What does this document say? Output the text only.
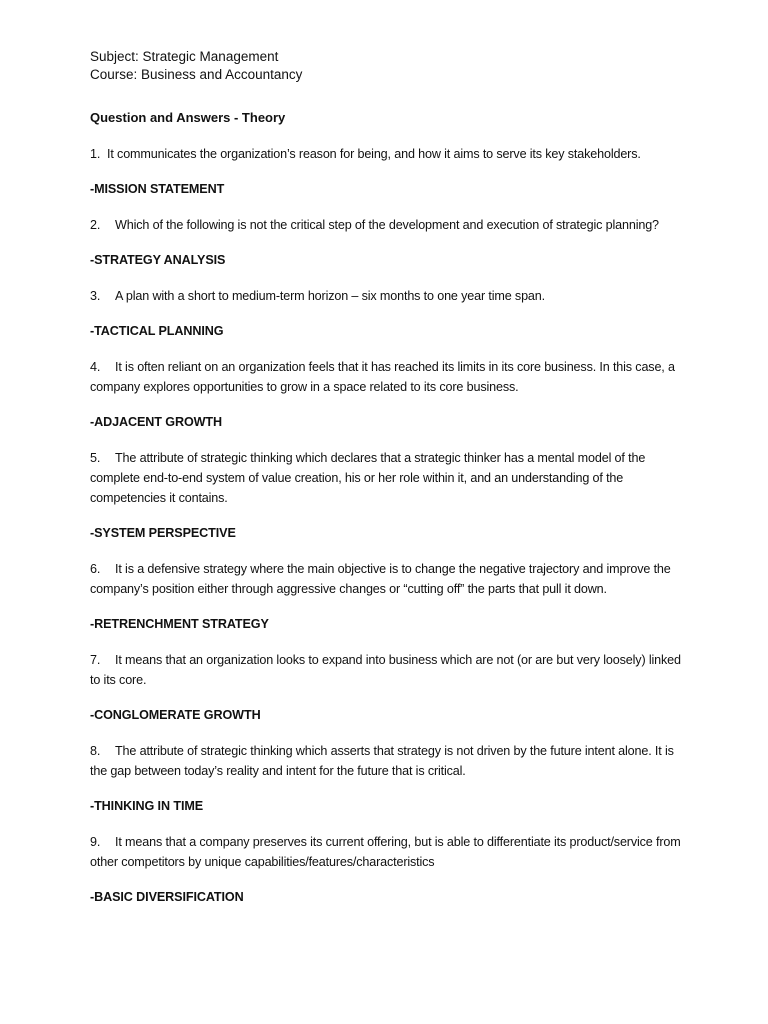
Subject: Strategic Management

Course: Business and Accountancy

Question and Answers - Theory

1. It communicates the organization’s reason for being, and how it aims to serve its key stakeholders.

-MISSION STATEMENT

2. Which of the following is not the critical step of the development and execution of strategic planning?

-STRATEGY ANALYSIS

3. A plan with a short to medium-term horizon – six months to one year time span.

-TACTICAL PLANNING

4. It is often reliant on an organization feels that it has reached its limits in its core business. In this case, a company explores opportunities to grow in a space related to its core business.

-ADJACENT GROWTH

5. The attribute of strategic thinking which declares that a strategic thinker has a mental model of the complete end-to-end system of value creation, his or her role within it, and an understanding of the competencies it contains.

-SYSTEM PERSPECTIVE

6. It is a defensive strategy where the main objective is to change the negative trajectory and improve the company’s position either through aggressive changes or “cutting off” the parts that pull it down.

-RETRENCHMENT STRATEGY

7. It means that an organization looks to expand into business which are not (or are but very loosely) linked to its core.

-CONGLOMERATE GROWTH

8. The attribute of strategic thinking which asserts that strategy is not driven by the future intent alone. It is the gap between today’s reality and intent for the future that is critical.

-THINKING IN TIME

9. It means that a company preserves its current offering, but is able to differentiate its product/service from other competitors by unique capabilities/features/characteristics

-BASIC DIVERSIFICATION
